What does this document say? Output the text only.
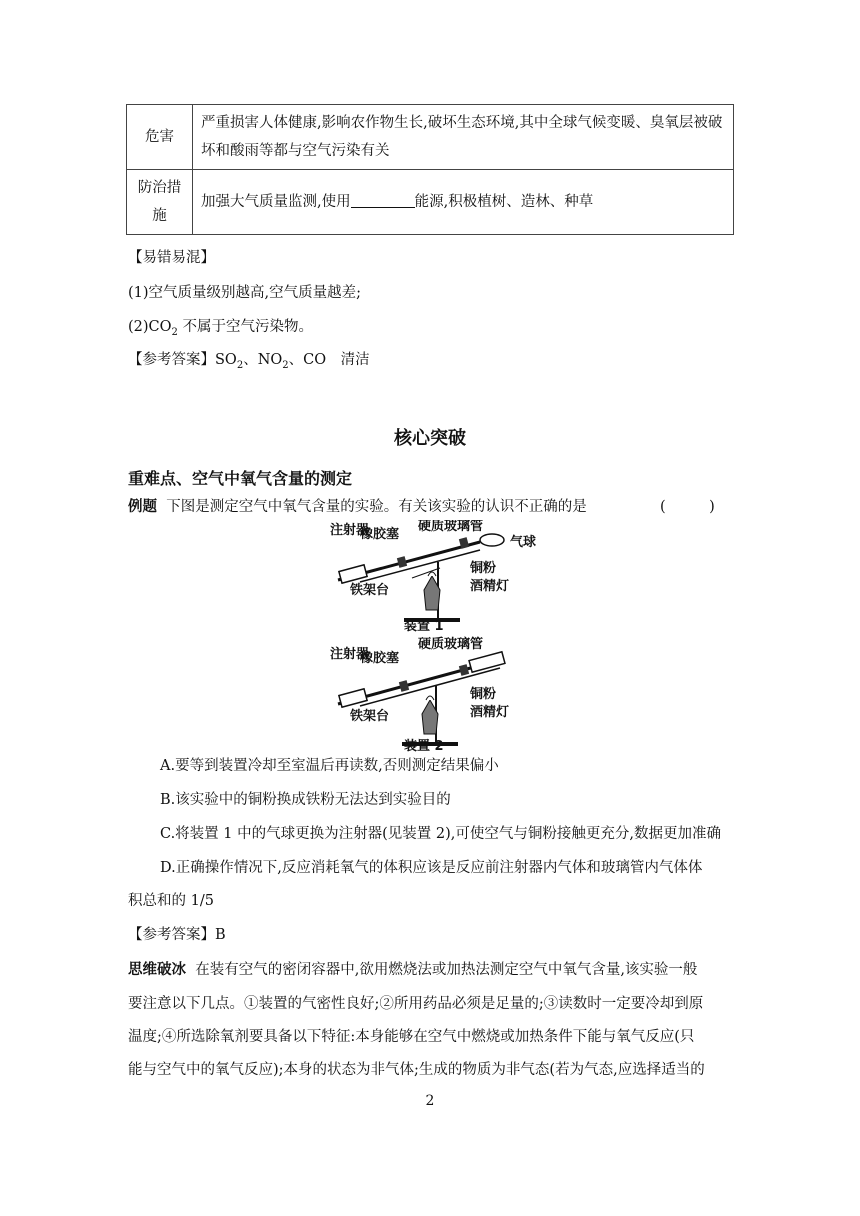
危害	严重损害人体健康,影响农作物生长,破坏生态环境,其中全球气候变暖、臭氧层被破坏和酸雨等都与空气污染有关
防治措施	加强大气质量监测,使用 能源,积极植树、造林、种草
【易错易混】
(1)空气质量级别越高,空气质量越差;
$(2)CO_2$ 不属于空气污染物。
【参考答案】$SO_2$、$NO_2$、CO　清洁
核心突破
重难点、空气中氧气含量的测定
例题 下图是测定空气中氧气含量的实验。有关该实验的认识不正确的是	(　　　)
橡胶塞
硬质玻璃管
气球
铜粉
酒精灯
铁架台
注射器
装置 1
橡胶塞
硬质玻璃管
铜粉
酒精灯
铁架台
注射器
装置 2
A.要等到装置冷却至室温后再读数,否则测定结果偏小
B.该实验中的铜粉换成铁粉无法达到实验目的
C.将装置 1 中的气球更换为注射器(见装置 2),可使空气与铜粉接触更充分,数据更加准确
D.正确操作情况下,反应消耗氧气的体积应该是反应前注射器内气体和玻璃管内气体体
积总和的 1/5
【参考答案】B
思维破冰 在装有空气的密闭容器中,欲用燃烧法或加热法测定空气中氧气含量,该实验一般
要注意以下几点。①装置的气密性良好;②所用药品必须是足量的;③读数时一定要冷却到原
温度;④所选除氧剂要具备以下特征:本身能够在空气中燃烧或加热条件下能与氧气反应(只
能与空气中的氧气反应);本身的状态为非气体;生成的物质为非气态(若为气态,应选择适当的
2
